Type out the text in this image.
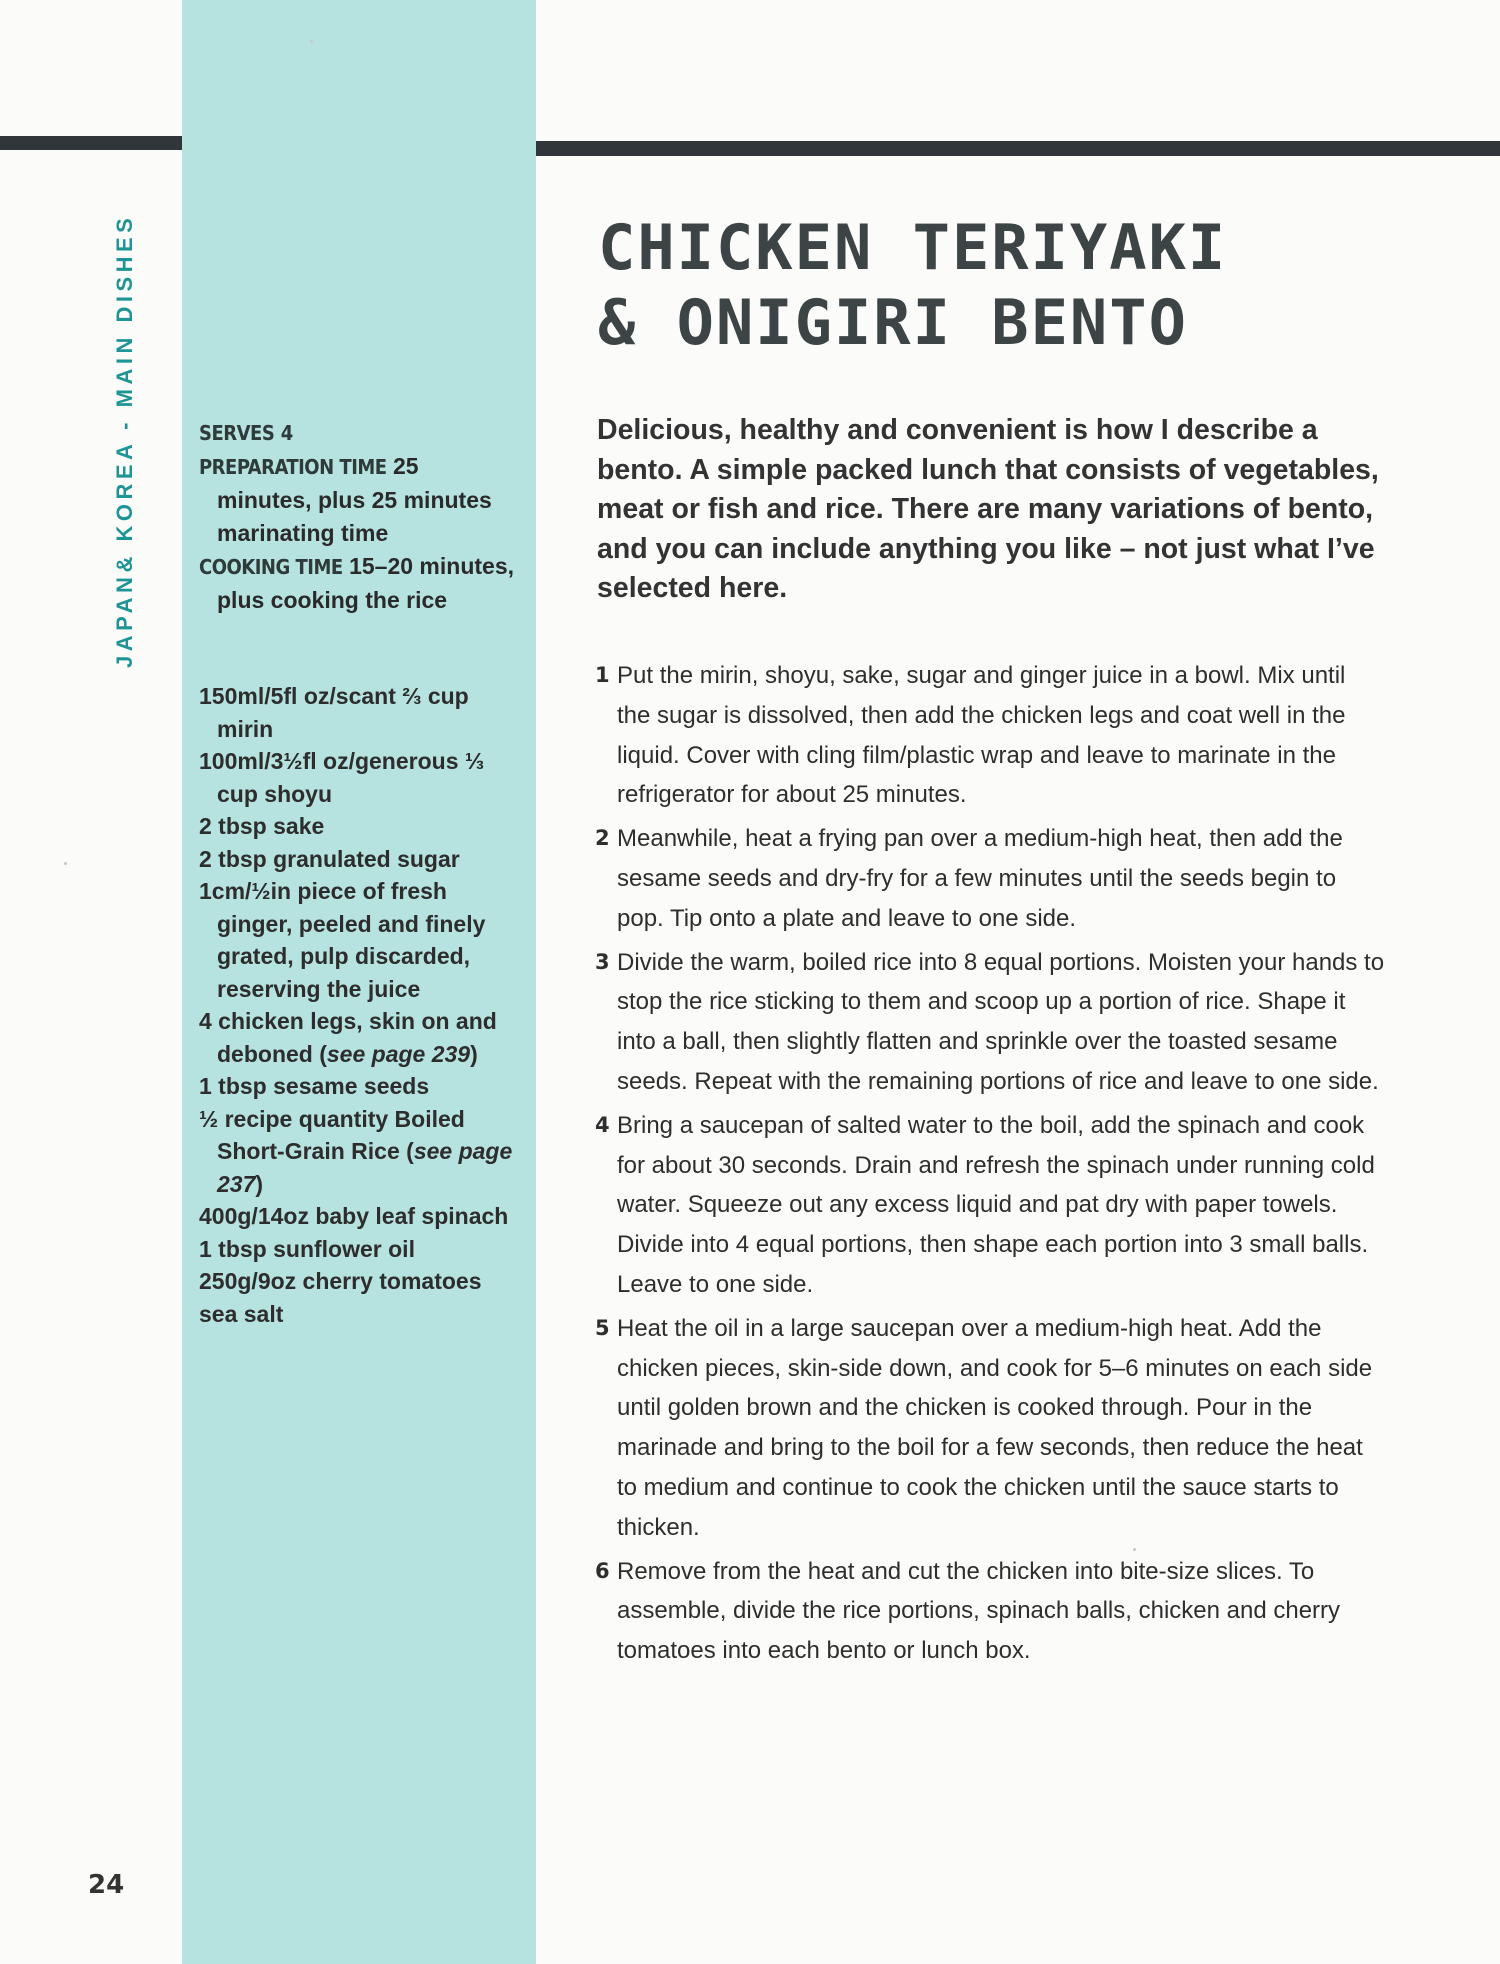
JAPAN& KOREA - MAIN DISHES
24
SERVES 4
PREPARATION TIME 25 minutes, plus 25 minutes marinating time
COOKING TIME 15–20 minutes, plus cooking the rice
150ml/5fl oz/scant ⅔ cup mirin
100ml/3½fl oz/generous ⅓ cup shoyu
2 tbsp sake
2 tbsp granulated sugar
1cm/½in piece of fresh ginger, peeled and finely grated, pulp discarded, reserving the juice
4 chicken legs, skin on and deboned (see page 239)
1 tbsp sesame seeds
½ recipe quantity Boiled Short-Grain Rice (see page 237)
400g/14oz baby leaf spinach
1 tbsp sunflower oil
250g/9oz cherry tomatoes
sea salt
CHICKEN TERIYAKI
& ONIGIRI BENTO

Delicious, healthy and convenient is how I describe a bento. A simple packed lunch that consists of vegetables, meat or fish and rice. There are many variations of bento, and you can include anything you like – not just what I’ve selected here.

1 Put the mirin, shoyu, sake, sugar and ginger juice in a bowl. Mix until the sugar is dissolved, then add the chicken legs and coat well in the liquid. Cover with cling film/plastic wrap and leave to marinate in the refrigerator for about 25 minutes.
2 Meanwhile, heat a frying pan over a medium-high heat, then add the sesame seeds and dry-fry for a few minutes until the seeds begin to pop. Tip onto a plate and leave to one side.
3 Divide the warm, boiled rice into 8 equal portions. Moisten your hands to stop the rice sticking to them and scoop up a portion of rice. Shape it into a ball, then slightly flatten and sprinkle over the toasted sesame seeds. Repeat with the remaining portions of rice and leave to one side.
4 Bring a saucepan of salted water to the boil, add the spinach and cook for about 30 seconds. Drain and refresh the spinach under running cold water. Squeeze out any excess liquid and pat dry with paper towels. Divide into 4 equal portions, then shape each portion into 3 small balls. Leave to one side.
5 Heat the oil in a large saucepan over a medium-high heat. Add the chicken pieces, skin-side down, and cook for 5–6 minutes on each side until golden brown and the chicken is cooked through. Pour in the marinade and bring to the boil for a few seconds, then reduce the heat to medium and continue to cook the chicken until the sauce starts to thicken.
6 Remove from the heat and cut the chicken into bite-size slices. To assemble, divide the rice portions, spinach balls, chicken and cherry tomatoes into each bento or lunch box.
